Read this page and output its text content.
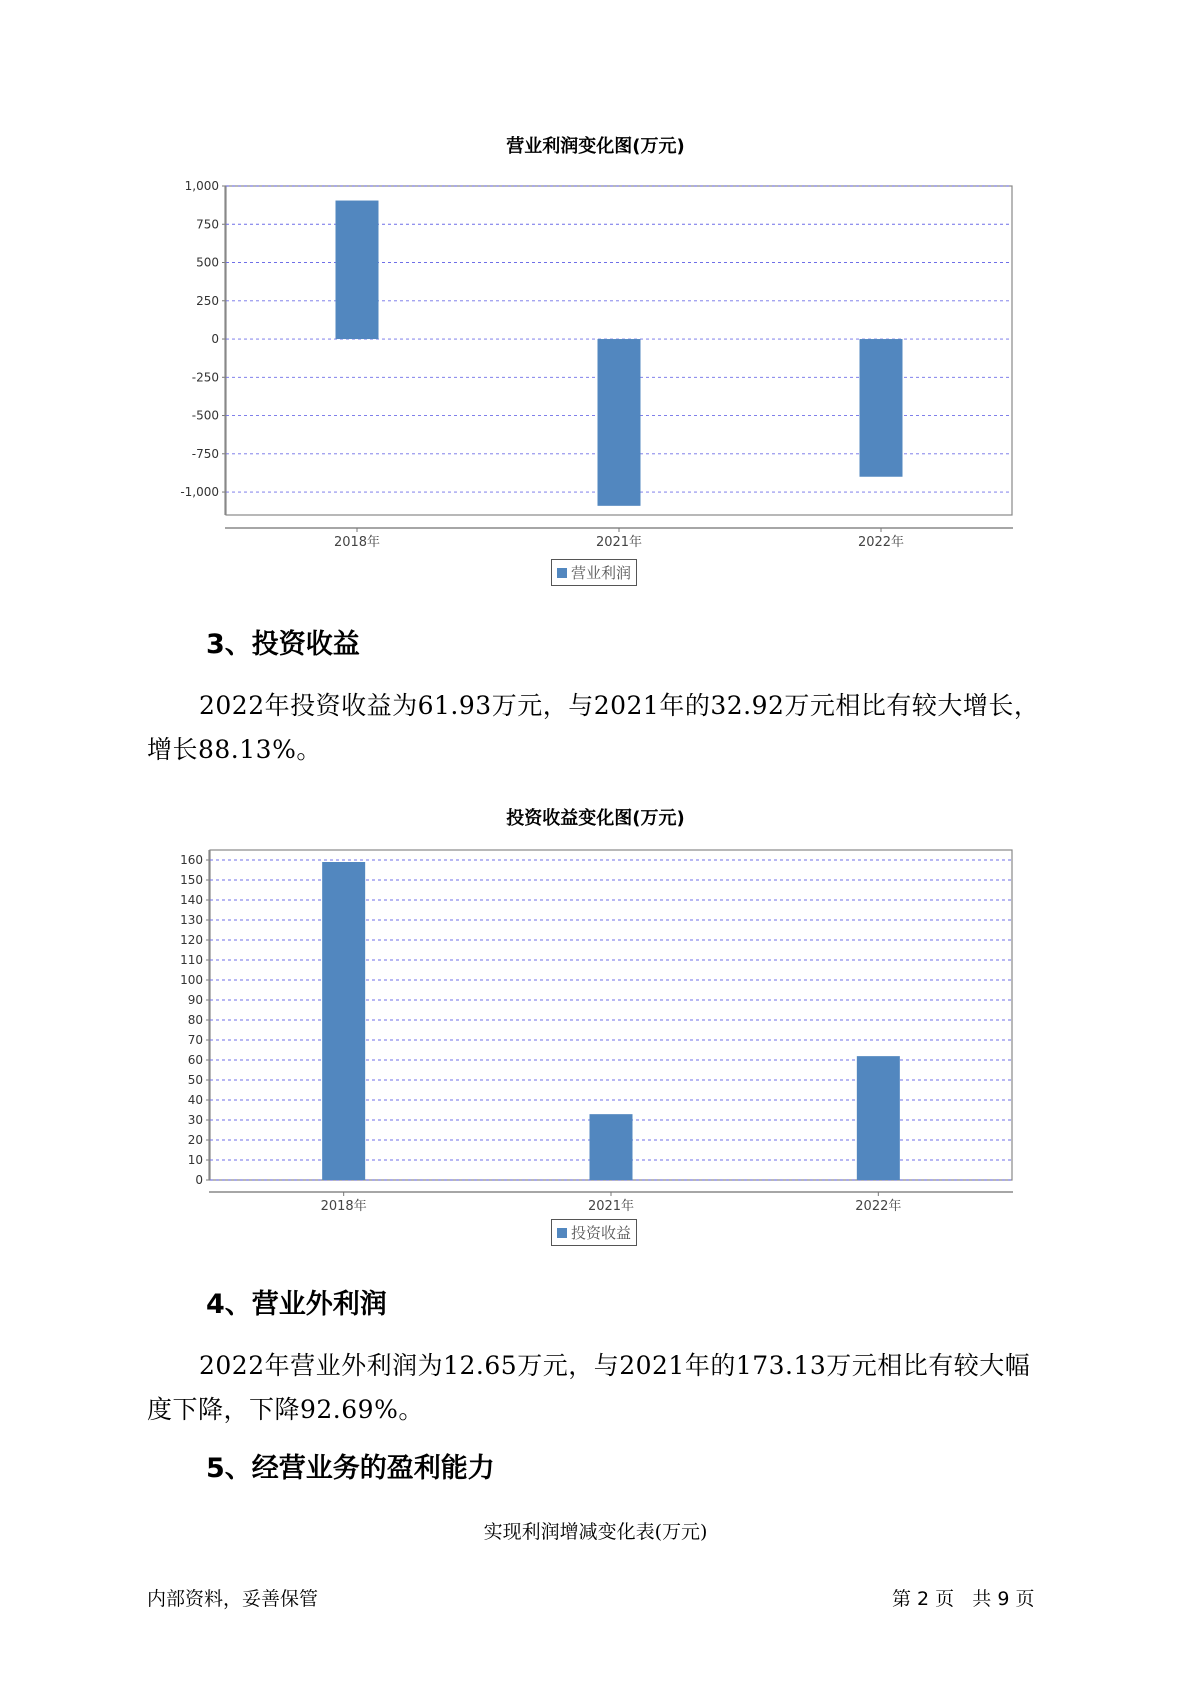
营业利润变化图(万元)
1,000
750
500
250
0
-250
-500
-750
-1,000
2018年	2021年	2022年
营业利润
3、投资收益
2022年投资收益为61.93万元，与2021年的32.92万元相比有较大增长，
增长88.13%。
投资收益变化图(万元)
160
150
140
130
120
110
100
90
80
70
60
50
40
30
20
10
0
2018年	2021年	2022年
投资收益
4、营业外利润
2022年营业外利润为12.65万元，与2021年的173.13万元相比有较大幅
度下降，下降92.69%。
5、经营业务的盈利能力
实现利润增减变化表(万元)
内部资料，妥善保管	第 2 页   共 9 页
